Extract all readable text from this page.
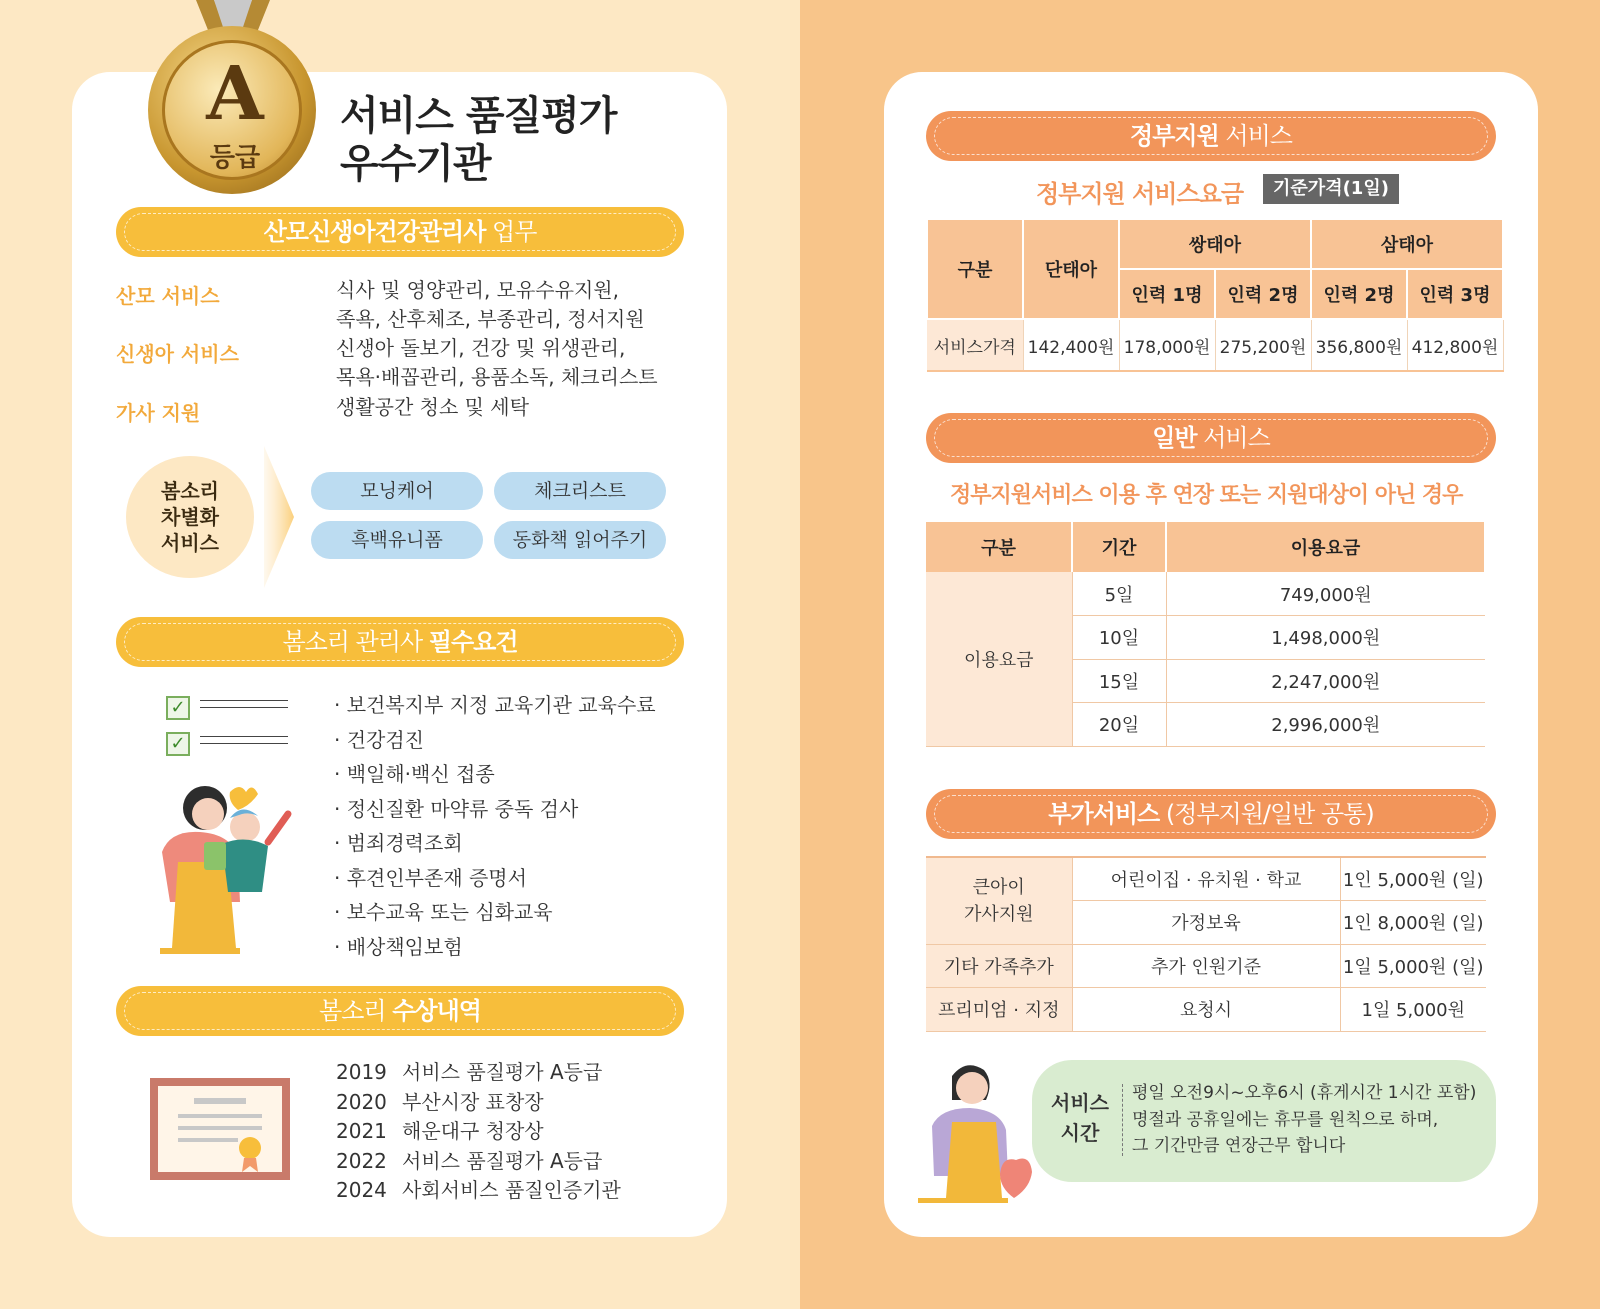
A
등급
서비스 품질평가
우수기관
산모신생아건강관리사 업무
산모 서비스	식사 및 영양관리, 모유수유지원,
족욕, 산후체조, 부종관리, 정서지원
신생아 서비스	신생아 돌보기, 건강 및 위생관리,
목욕·배꼽관리, 용품소독, 체크리스트
가사 지원	생활공간 청소 및 세탁
봄소리
차별화
서비스
모닝케어	체크리스트
흑백유니폼	동화책 읽어주기
봄소리 관리사 필수요건
✓
✓
· 보건복지부 지정 교육기관 교육수료
· 건강검진
· 백일해·백신 접종
· 정신질환 마약류 중독 검사
· 범죄경력조회
· 후견인부존재 증명서
· 보수교육 또는 심화교육
· 배상책임보험
봄소리 수상내역
2019 서비스 품질평가 A등급
2020 부산시장 표창장
2021 해운대구 청장상
2022 서비스 품질평가 A등급
2024 사회서비스 품질인증기관
정부지원 서비스
정부지원 서비스요금	기준가격(1일)
구분	단태아	쌍태아		삼태아	
		인력 1명	인력 2명	인력 2명	인력 3명
서비스가격	142,400원	178,000원	275,200원	356,800원	412,800원
일반 서비스
정부지원서비스 이용 후 연장 또는 지원대상이 아닌 경우
구분	기간	이용요금
이용요금	5일	749,000원
	10일	1,498,000원
	15일	2,247,000원
	20일	2,996,000원
부가서비스 (정부지원/일반 공통)
큰아이
가사지원	어린이집 · 유치원 · 학교	1인 5,000원 (일)
	가정보육	1인 8,000원 (일)
기타 가족추가	추가 인원기준	1일 5,000원 (일)
프리미엄 · 지정	요청시	1일 5,000원
서비스
시간
평일 오전9시~오후6시 (휴게시간 1시간 포함)
명절과 공휴일에는 휴무를 원칙으로 하며,
그 기간만큼 연장근무 합니다
